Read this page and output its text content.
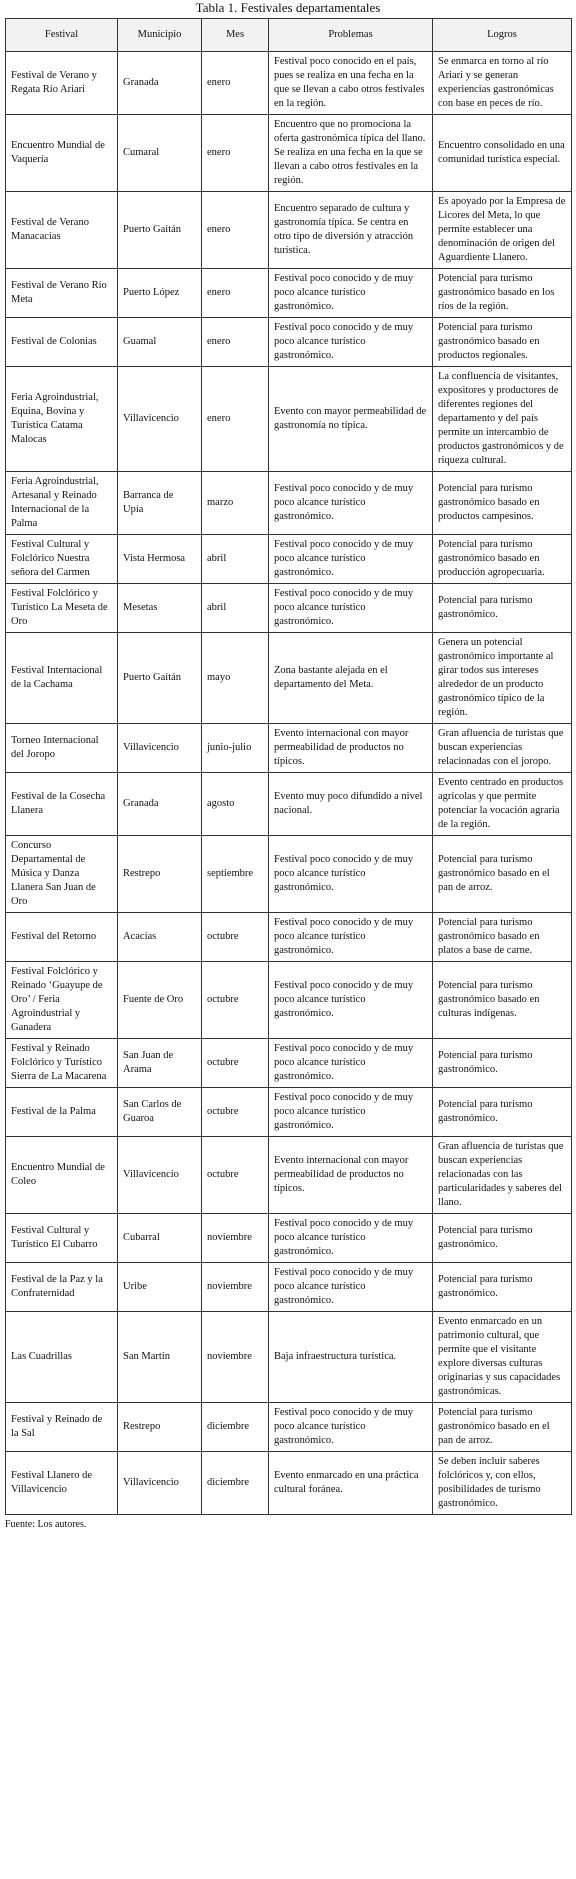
Tabla 1. Festivales departamentales
Festival	Municipio	Mes	Problemas	Logros
Festival de Verano y Regata Río Ariari	Granada	enero	Festival poco conocido en el país, pues se realiza en una fecha en la que se llevan a cabo otros festivales en la región.	Se enmarca en torno al río Ariari y se generan experiencias gastronómicas con base en peces de río.
Encuentro Mundial de Vaquería	Cumaral	enero	Encuentro que no promociona la oferta gastronómica típica del llano. Se realiza en una fecha en la que se llevan a cabo otros festivales en la región.	Encuentro consolidado en una comunidad turística especial.
Festival de Verano Manacacías	Puerto Gaitán	enero	Encuentro separado de cultura y gastronomía típica. Se centra en otro tipo de diversión y atracción turística.	Es apoyado por la Empresa de Licores del Meta, lo que permite establecer una denominación de origen del Aguardiente Llanero.
Festival de Verano Río Meta	Puerto López	enero	Festival poco conocido y de muy poco alcance turístico gastronómico.	Potencial para turismo gastronómico basado en los ríos de la región.
Festival de Colonias	Guamal	enero	Festival poco conocido y de muy poco alcance turístico gastronómico.	Potencial para turismo gastronómico basado en productos regionales.
Feria Agroindustrial, Equina, Bovina y Turística Catama Malocas	Villavicencio	enero	Evento con mayor permeabilidad de gastronomía no típica.	La confluencia de visitantes, expositores y productores de diferentes regiones del departamento y del país permite un intercambio de productos gastronómicos y de riqueza cultural.
Feria Agroindustrial, Artesanal y Reinado Internacional de la Palma	Barranca de Upía	marzo	Festival poco conocido y de muy poco alcance turístico gastronómico.	Potencial para turismo gastronómico basado en productos campesinos.
Festival Cultural y Folclórico Nuestra señora del Carmen	Vista Hermosa	abril	Festival poco conocido y de muy poco alcance turístico gastronómico.	Potencial para turismo gastronómico basado en producción agropecuaria.
Festival Folclórico y Turístico La Meseta de Oro	Mesetas	abril	Festival poco conocido y de muy poco alcance turístico gastronómico.	Potencial para turismo gastronómico.
Festival Internacional de la Cachama	Puerto Gaitán	mayo	Zona bastante alejada en el departamento del Meta.	Genera un potencial gastronómico importante al girar todos sus intereses alrededor de un producto gastronómico típico de la región.
Torneo Internacional del Joropo	Villavicencio	junio-julio	Evento internacional con mayor permeabilidad de productos no típicos.	Gran afluencia de turistas que buscan experiencias relacionadas con el joropo.
Festival de la Cosecha Llanera	Granada	agosto	Evento muy poco difundido a nivel nacional.	Evento centrado en productos agrícolas y que permite potenciar la vocación agraria de la región.
Concurso Departamental de Música y Danza Llanera San Juan de Oro	Restrepo	septiembre	Festival poco conocido y de muy poco alcance turístico gastronómico.	Potencial para turismo gastronómico basado en el pan de arroz.
Festival del Retorno	Acacías	octubre	Festival poco conocido y de muy poco alcance turístico gastronómico.	Potencial para turismo gastronómico basado en platos a base de carne.
Festival Folclórico y Reinado ‘Guayupe de Oro’ / Feria Agroindustrial y Ganadera	Fuente de Oro	octubre	Festival poco conocido y de muy poco alcance turístico gastronómico.	Potencial para turismo gastronómico basado en culturas indígenas.
Festival y Reinado Folclórico y Turístico Sierra de La Macarena	San Juan de Arama	octubre	Festival poco conocido y de muy poco alcance turístico gastronómico.	Potencial para turismo gastronómico.
Festival de la Palma	San Carlos de Guaroa	octubre	Festival poco conocido y de muy poco alcance turístico gastronómico.	Potencial para turismo gastronómico.
Encuentro Mundial de Coleo	Villavicencio	octubre	Evento internacional con mayor permeabilidad de productos no típicos.	Gran afluencia de turistas que buscan experiencias relacionadas con las particularidades y saberes del llano.
Festival Cultural y Turístico El Cubarro	Cubarral	noviembre	Festival poco conocido y de muy poco alcance turístico gastronómico.	Potencial para turismo gastronómico.
Festival de la Paz y la Confraternidad	Uribe	noviembre	Festival poco conocido y de muy poco alcance turístico gastronómico.	Potencial para turismo gastronómico.
Las Cuadrillas	San Martín	noviembre	Baja infraestructura turística.	Evento enmarcado en un patrimonio cultural, que permite que el visitante explore diversas culturas originarias y sus capacidades gastronómicas.
Festival y Reinado de la Sal	Restrepo	diciembre	Festival poco conocido y de muy poco alcance turístico gastronómico.	Potencial para turismo gastronómico basado en el pan de arroz.
Festival Llanero de Villavicencio	Villavicencio	diciembre	Evento enmarcado en una práctica cultural foránea.	Se deben incluir saberes folclóricos y, con ellos, posibilidades de turismo gastronómico.
Fuente: Los autores.
